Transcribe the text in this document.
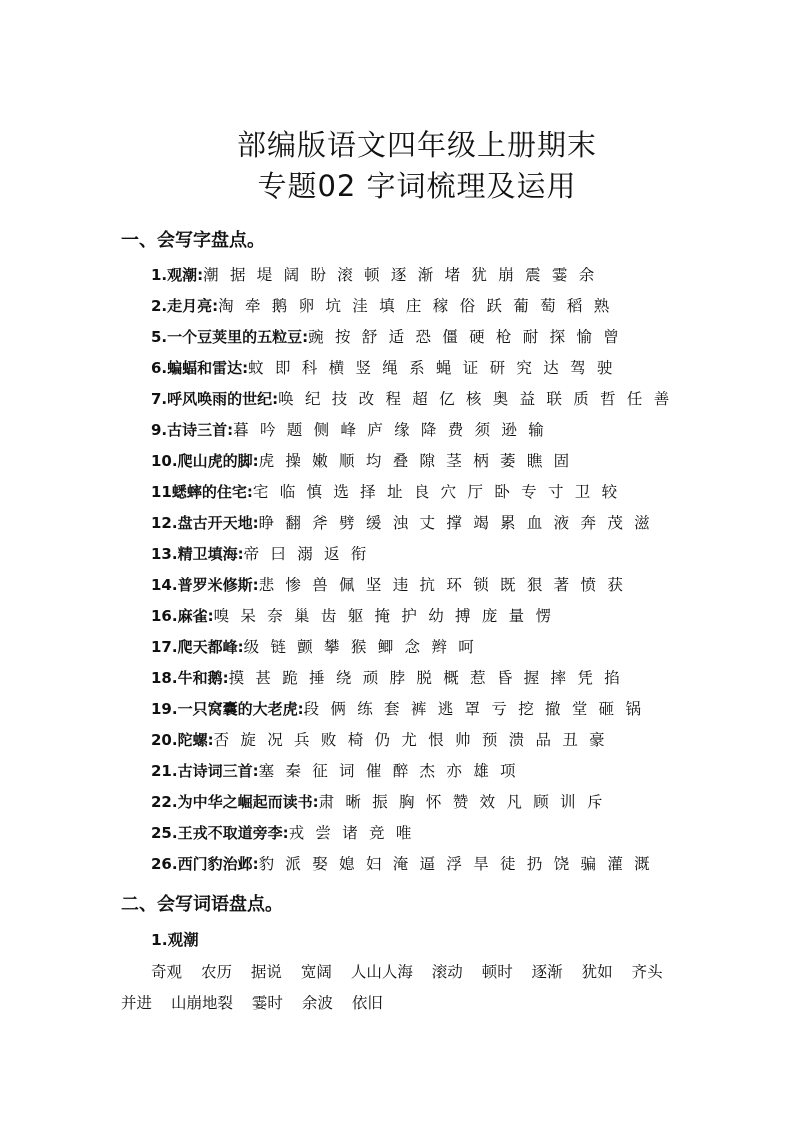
部编版语文四年级上册期末
专题02 字词梳理及运用
一、会写字盘点。
1.观潮:潮 据 堤 阔 盼 滚 顿 逐 渐 堵 犹 崩 震 霎 余
2.走月亮:淘 牵 鹅 卵 坑 洼 填 庄 稼 俗 跃 葡 萄 稻 熟
5.一个豆荚里的五粒豆:豌 按 舒 适 恐 僵 硬 枪 耐 探 愉 曾
6.蝙蝠和雷达:蚊 即 科 横 竖 绳 系 蝇 证 研 究 达 驾 驶
7.呼风唤雨的世纪:唤 纪 技 改 程 超 亿 核 奥 益 联 质 哲 任 善
9.古诗三首:暮 吟 题 侧 峰 庐 缘 降 费 须 逊 输
10.爬山虎的脚:虎 操 嫩 顺 均 叠 隙 茎 柄 萎 瞧 固
11蟋蟀的住宅:宅 临 慎 选 择 址 良 穴 厅 卧 专 寸 卫 较
12.盘古开天地:睁 翻 斧 劈 缓 浊 丈 撑 竭 累 血 液 奔 茂 滋
13.精卫填海:帝 曰 溺 返 衔
14.普罗米修斯:悲 惨 兽 佩 坚 违 抗 环 锁 既 狠 著 愤 获
16.麻雀:嗅 呆 奈 巢 齿 躯 掩 护 幼 搏 庞 量 愣
17.爬天都峰:级 链 颤 攀 猴 鲫 念 辫 呵
18.牛和鹅:摸 甚 跪 捶 绕 顽 脖 脱 概 惹 昏 握 摔 凭 掐
19.一只窝囊的大老虎:段 俩 练 套 裤 逃 罩 亏 挖 撤 堂 砸 锅
20.陀螺:否 旋 况 兵 败 椅 仍 尤 恨 帅 预 溃 品 丑 豪
21.古诗词三首:塞 秦 征 词 催 醉 杰 亦 雄 项
22.为中华之崛起而读书:肃 晰 振 胸 怀 赞 效 凡 顾 训 斥
25.王戎不取道旁李:戎 尝 诸 竞 唯
26.西门豹治邺:豹 派 娶 媳 妇 淹 逼 浮 旱 徒 扔 饶 骗 灌 溉
二、会写词语盘点。
1.观潮
奇观 农历 据说 宽阔 人山人海 滚动 顿时 逐渐 犹如 齐头并进 山崩地裂 霎时 余波 依旧
